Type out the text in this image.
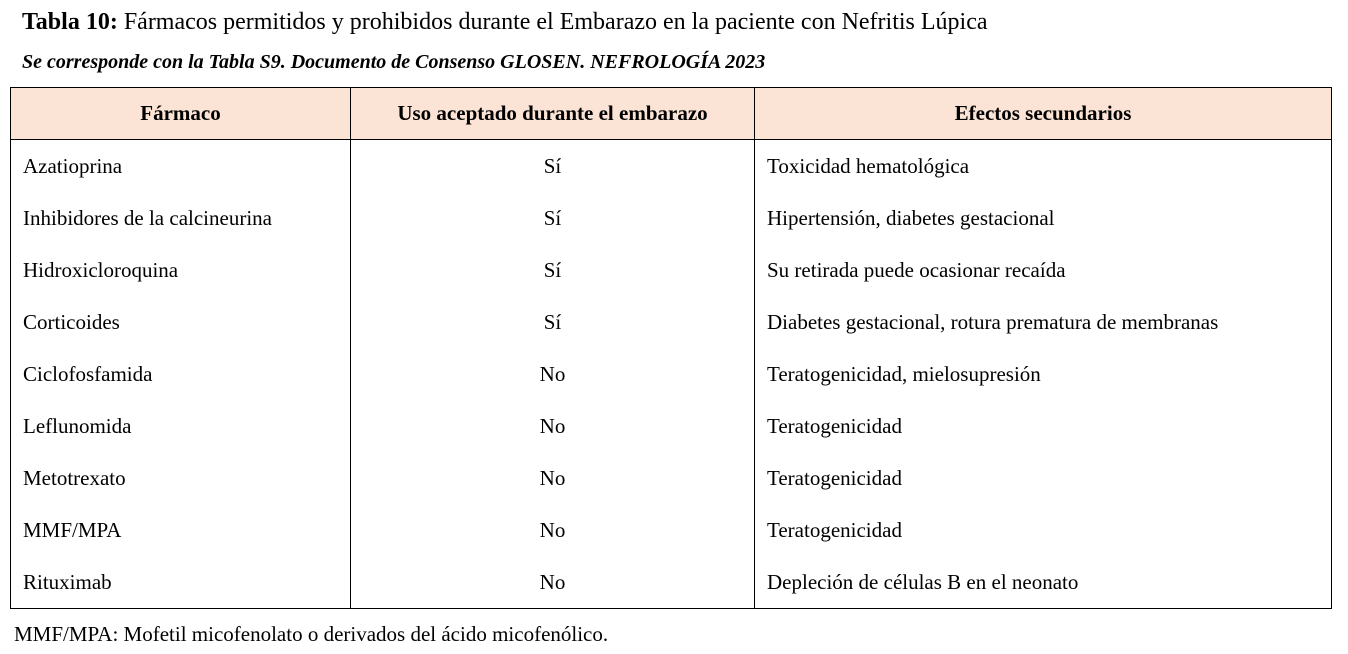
Tabla 10: Fármacos permitidos y prohibidos durante el Embarazo en la paciente con Nefritis Lúpica
Se corresponde con la Tabla S9. Documento de Consenso GLOSEN. NEFROLOGÍA 2023
Fármaco	Uso aceptado durante el embarazo	Efectos secundarios
Azatioprina	Sí	Toxicidad hematológica
Inhibidores de la calcineurina	Sí	Hipertensión, diabetes gestacional
Hidroxicloroquina	Sí	Su retirada puede ocasionar recaída
Corticoides	Sí	Diabetes gestacional, rotura prematura de membranas
Ciclofosfamida	No	Teratogenicidad, mielosupresión
Leflunomida	No	Teratogenicidad
Metotrexato	No	Teratogenicidad
MMF/MPA	No	Teratogenicidad
Rituximab	No	Depleción de células B en el neonato
MMF/MPA: Mofetil micofenolato o derivados del ácido micofenólico.
